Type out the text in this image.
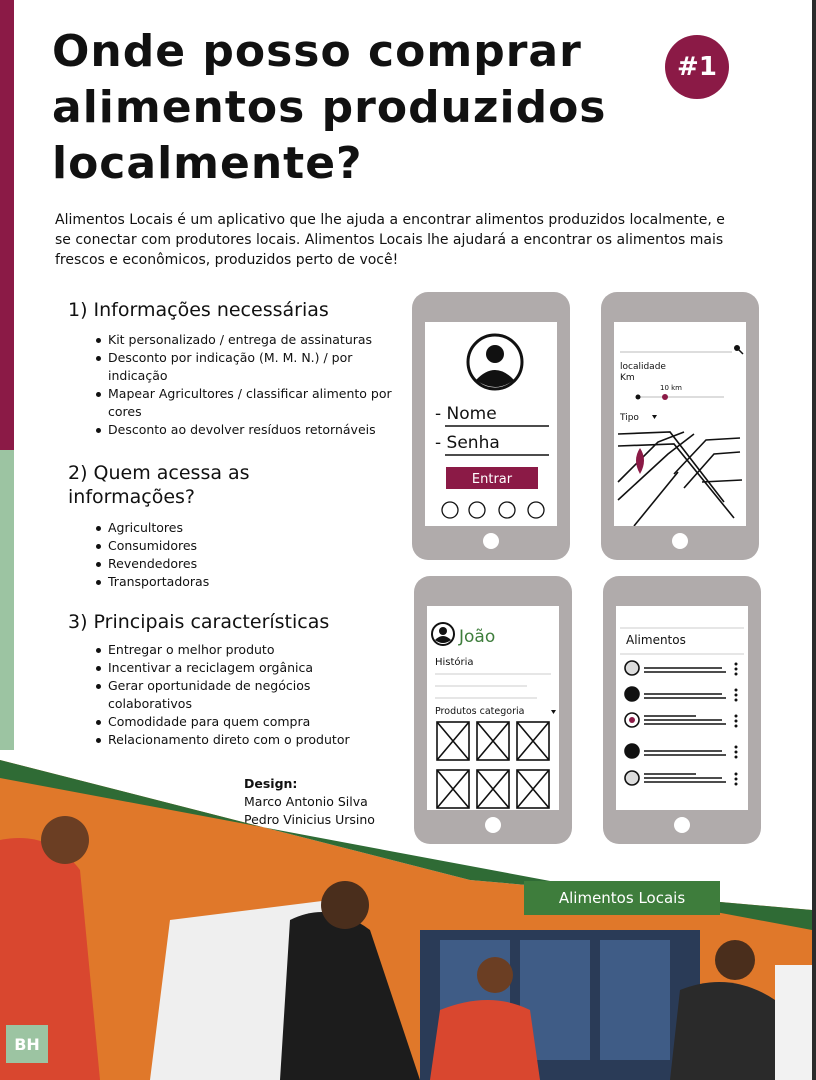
Onde posso comprar alimentos produzidos localmente?
#1

Alimentos Locais é um aplicativo que lhe ajuda a encontrar alimentos produzidos localmente, e se conectar com produtores locais. Alimentos Locais lhe ajudará a encontrar os alimentos mais frescos e econômicos, produzidos perto de você!

1) Informações necessárias
Kit personalizado / entrega de assinaturas
Desconto por indicação (M. M. N.) / por indicação
Mapear Agricultores / classificar alimento por cores
Desconto ao devolver resíduos retornáveis
2) Quem acessa as informações?
Agricultores
Consumidores
Revendedores
Transportadoras
3) Principais características
Entregar o melhor produto
Incentivar a reciclagem orgânica
Gerar oportunidade de negócios colaborativos
Comodidade para quem compra
Relacionamento direto com o produtor
Design:
Marco Antonio Silva
Pedro Vinicius Ursino
- Nome
- Senha
Entrar
localidade
Km
10 km
Tipo
João
História
Produtos categoria
Alimentos
Alimentos Locais
BH
